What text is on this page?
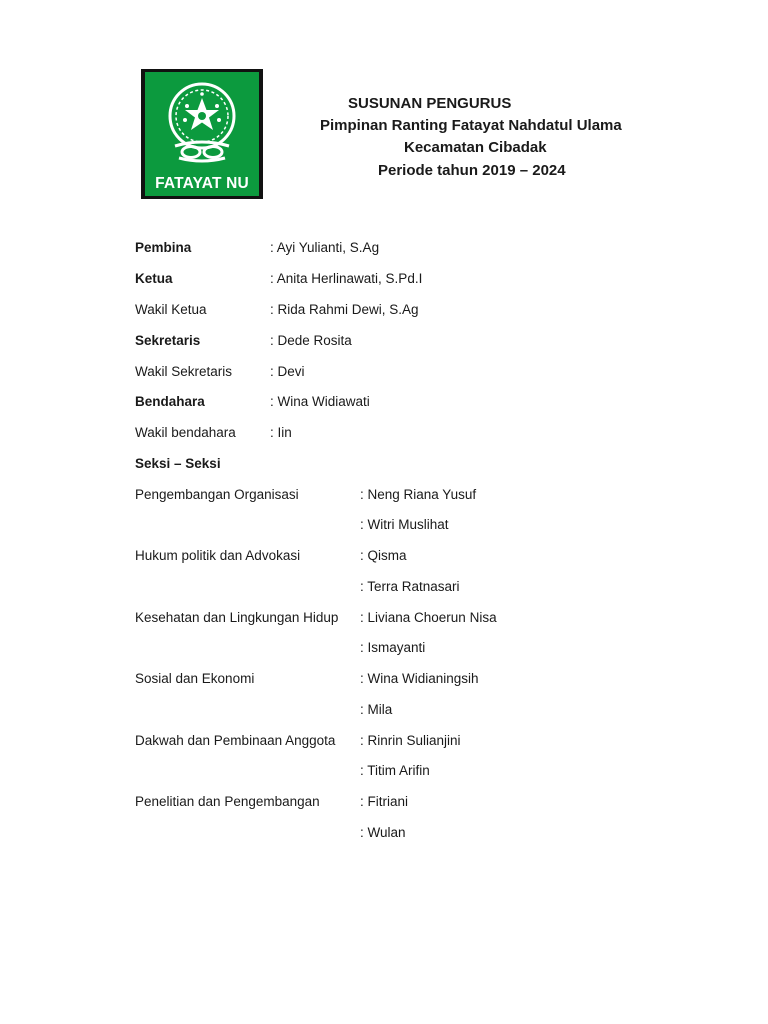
FATAYAT NU
SUSUNAN PENGURUS
Pimpinan Ranting Fatayat Nahdatul Ulama
Kecamatan Cibadak
Periode tahun 2019 – 2024
Pembina	: Ayi Yulianti, S.Ag
Ketua	: Anita Herlinawati, S.Pd.I
Wakil Ketua	: Rida Rahmi Dewi, S.Ag
Sekretaris	: Dede Rosita
Wakil Sekretaris	: Devi
Bendahara	: Wina Widiawati
Wakil bendahara	: Iin
Seksi – Seksi
Pengembangan Organisasi	: Neng Riana Yusuf
: Witri Muslihat
Hukum politik dan Advokasi	: Qisma
: Terra Ratnasari
Kesehatan dan Lingkungan Hidup : Liviana Choerun Nisa
: Ismayanti
Sosial dan Ekonomi	: Wina Widianingsih
: Mila
Dakwah dan Pembinaan Anggota : Rinrin Sulianjini
: Titim Arifin
Penelitian dan Pengembangan	: Fitriani
: Wulan
